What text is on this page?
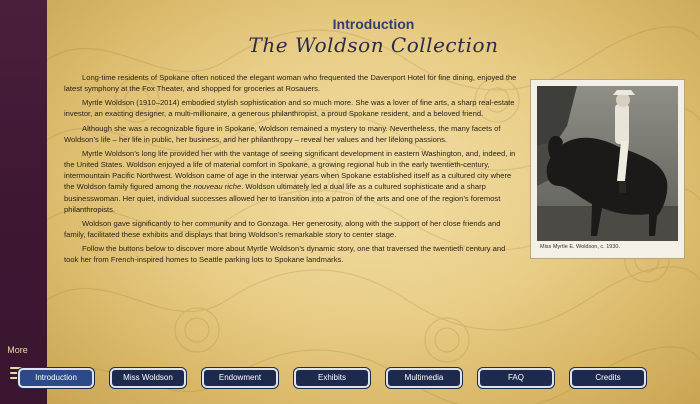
More
Introduction
The Woldson Collection

Long-time residents of Spokane often noticed the elegant woman who frequented the Davenport Hotel for fine dining, enjoyed the latest symphony at the Fox Theater, and shopped for groceries at Rosauers.

Myrtle Woldson (1910–2014) embodied stylish sophistication and so much more. She was a lover of fine arts, a sharp real-estate investor, an exacting designer, a multi-millionaire, a generous philanthropist, a proud Spokane resident, and a beloved friend.

Although she was a recognizable figure in Spokane, Woldson remained a mystery to many. Nevertheless, the many facets of Woldson’s life – her life in public, her business, and her philanthropy – reveal her values and her lifelong passions.

Myrtle Woldson’s long life provided her with the vantage of seeing significant development in eastern Washington, and, indeed, in the United States. Woldson enjoyed a life of material comfort in Spokane, a growing regional hub in the early twentieth-century, intermountain Pacific Northwest. Woldson came of age in the interwar years when Spokane established itself as a cultured city where the Woldson family figured among the nouveau riche. Woldson ultimately led a dual life as a cultured sophisticate and a sharp businesswoman. Her quiet, individual successes allowed her to transition into a patron of the arts and one of the region’s foremost philanthropists.

Woldson gave significantly to her community and to Gonzaga. Her generosity, along with the support of her close friends and family, facilitated these exhibits and displays that bring Woldson’s remarkable story to center stage.

Follow the buttons below to discover more about Myrtle Woldson’s dynamic story, one that traversed the twentieth century and took her from French-inspired homes to Seattle parking lots to Spokane landmarks.

Miss Myrtle E. Woldson, c. 1930.
Introduction	Miss Woldson	Endowment	Exhibits	Multimedia	FAQ	Credits
